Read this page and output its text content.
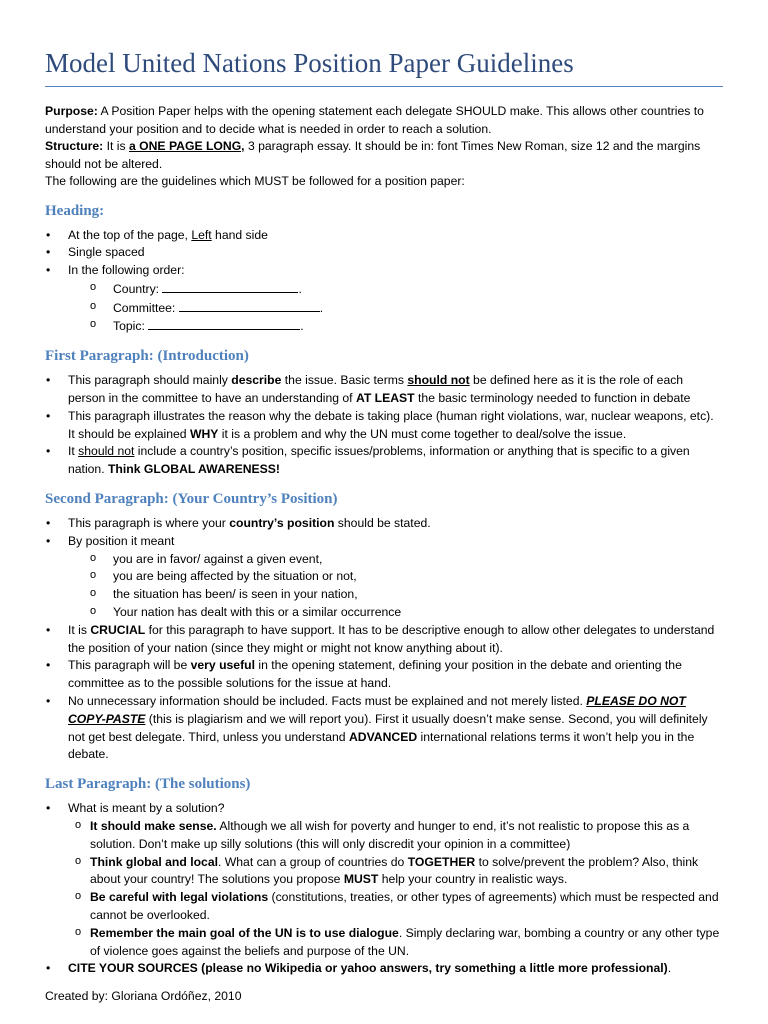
Model United Nations Position Paper Guidelines

Purpose: A Position Paper helps with the opening statement each delegate SHOULD make. This allows other countries to understand your position and to decide what is needed in order to reach a solution.

Structure: It is a ONE PAGE LONG, 3 paragraph essay. It should be in: font Times New Roman, size 12 and the margins should not be altered.

The following are the guidelines which MUST be followed for a position paper:

Heading:
• At the top of the page, Left hand side
• Single spaced
• In the following order:
o Country:	.
o Committee:	.
o Topic:	.
First Paragraph: (Introduction)
• This paragraph should mainly describe the issue. Basic terms should not be defined here as it is the role of each person in the committee to have an understanding of AT LEAST the basic terminology needed to function in debate
• This paragraph illustrates the reason why the debate is taking place (human right violations, war, nuclear weapons, etc). It should be explained WHY it is a problem and why the UN must come together to deal/solve the issue.
• It should not include a country’s position, specific issues/problems, information or anything that is specific to a given nation. Think GLOBAL AWARENESS!
Second Paragraph: (Your Country’s Position)
• This paragraph is where your country’s position should be stated.
• By position it meant
o you are in favor/ against a given event,
o you are being affected by the situation or not,
o the situation has been/ is seen in your nation,
o Your nation has dealt with this or a similar occurrence
• It is CRUCIAL for this paragraph to have support. It has to be descriptive enough to allow other delegates to understand the position of your nation (since they might or might not know anything about it).
• This paragraph will be very useful in the opening statement, defining your position in the debate and orienting the committee as to the possible solutions for the issue at hand.
• No unnecessary information should be included. Facts must be explained and not merely listed. PLEASE DO NOT COPY-PASTE (this is plagiarism and we will report you). First it usually doesn’t make sense. Second, you will definitely not get best delegate. Third, unless you understand ADVANCED international relations terms it won’t help you in the debate.
Last Paragraph: (The solutions)
• What is meant by a solution?
o It should make sense. Although we all wish for poverty and hunger to end, it’s not realistic to propose this as a solution. Don’t make up silly solutions (this will only discredit your opinion in a committee)
o Think global and local. What can a group of countries do TOGETHER to solve/prevent the problem? Also, think about your country! The solutions you propose MUST help your country in realistic ways.
o Be careful with legal violations (constitutions, treaties, or other types of agreements) which must be respected and cannot be overlooked.
o Remember the main goal of the UN is to use dialogue. Simply declaring war, bombing a country or any other type of violence goes against the beliefs and purpose of the UN.
• CITE YOUR SOURCES (please no Wikipedia or yahoo answers, try something a little more professional).
Created by: Gloriana Ordóñez, 2010
